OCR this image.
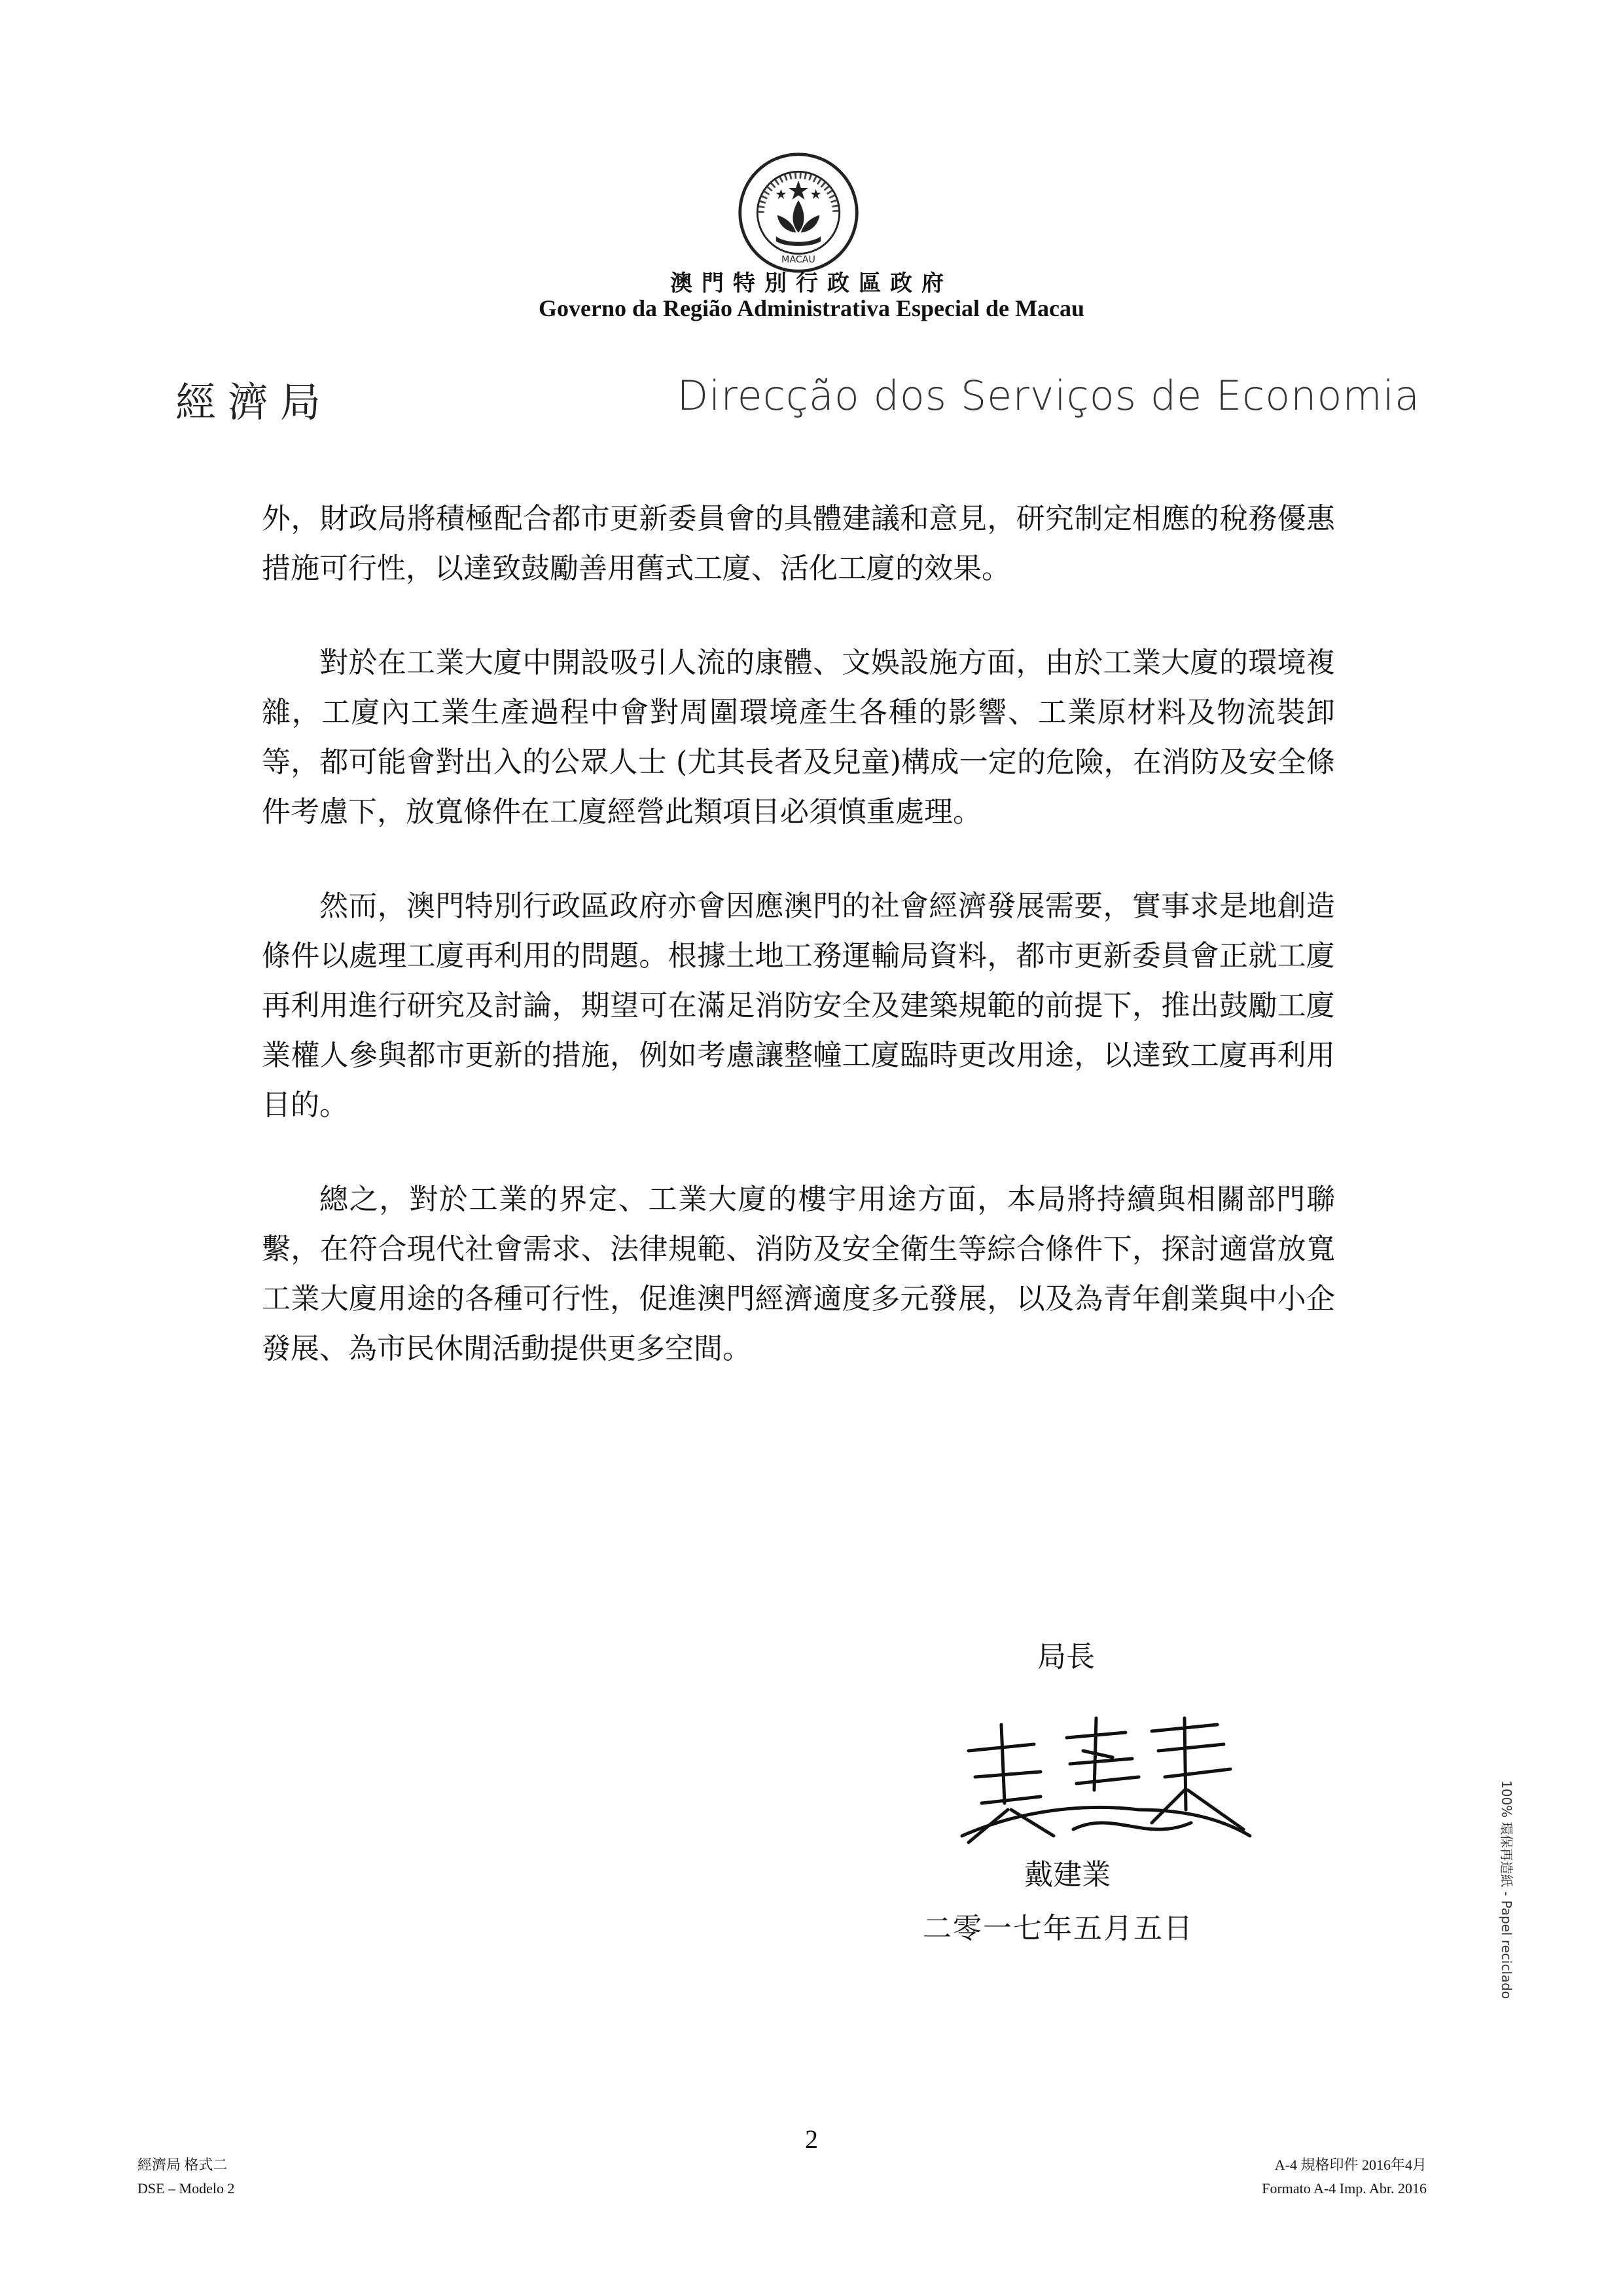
MACAU
澳門特別行政區政府
Governo da Região Administrativa Especial de Macau
經濟局	Direcção dos Serviços de Economia

外，財政局將積極配合都市更新委員會的具體建議和意見，研究制定相應的稅務優惠措施可行性，以達致鼓勵善用舊式工廈、活化工廈的效果。

對於在工業大廈中開設吸引人流的康體、文娛設施方面，由於工業大廈的環境複雜，工廈內工業生產過程中會對周圍環境產生各種的影響、工業原材料及物流裝卸等，都可能會對出入的公眾人士 (尤其長者及兒童)構成一定的危險，在消防及安全條件考慮下，放寬條件在工廈經營此類項目必須慎重處理。

然而，澳門特別行政區政府亦會因應澳門的社會經濟發展需要，實事求是地創造條件以處理工廈再利用的問題。根據土地工務運輸局資料，都市更新委員會正就工廈再利用進行研究及討論，期望可在滿足消防安全及建築規範的前提下，推出鼓勵工廈業權人參與都市更新的措施，例如考慮讓整幢工廈臨時更改用途，以達致工廈再利用目的。

總之，對於工業的界定、工業大廈的樓宇用途方面，本局將持續與相關部門聯繫，在符合現代社會需求、法律規範、消防及安全衛生等綜合條件下，探討適當放寬工業大廈用途的各種可行性，促進澳門經濟適度多元發展，以及為青年創業與中小企發展、為市民休閒活動提供更多空間。

局長
戴建業
二零一七年五月五日	100% 環保再造紙 - Papel reciclado
2
經濟局 格式二
DSE – Modelo 2
A-4 規格印件 2016年4月
Formato A-4 Imp. Abr. 2016
